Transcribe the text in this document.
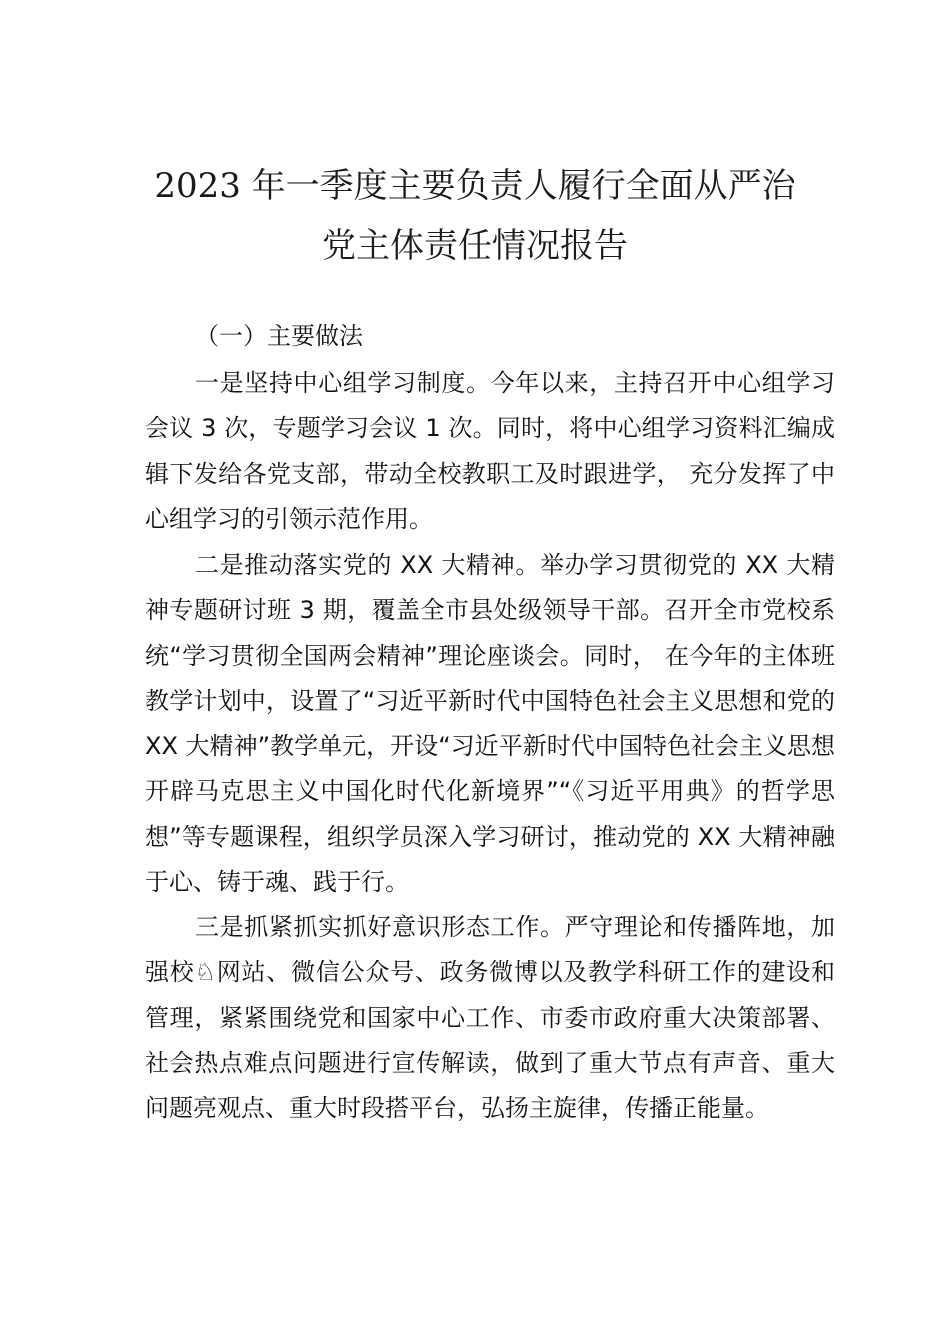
2023 年一季度主要负责人履行全面从严治
党主体责任情况报告
（一）主要做法
一是坚持中心组学习制度。今年以来，主持召开中心组学习会议 3 次，专题学习会议 1 次。同时，将中心组学习资料汇编成辑下发给各党支部，带动全校教职工及时跟进学， 充分发挥了中心组学习的引领示范作用。
二是推动落实党的 XX 大精神。举办学习贯彻党的 XX 大精神专题研讨班 3 期，覆盖全市县处级领导干部。召开全市党校系统“学习贯彻全国两会精神”理论座谈会。同时， 在今年的主体班教学计划中，设置了“习近平新时代中国特色社会主义思想和党的 XX 大精神”教学单元，开设“习近平新时代中国特色社会主义思想开辟马克思主义中国化时代化新境界”“《习近平用典》的哲学思想”等专题课程，组织学员深入学习研讨，推动党的 XX 大精神融于心、铸于魂、践于行。
三是抓紧抓实抓好意识形态工作。严守理论和传播阵地，加强校♘网站、微信公众号、政务微博以及教学科研工作的建设和管理，紧紧围绕党和国家中心工作、市委市政府重大决策部署、社会热点难点问题进行宣传解读，做到了重大节点有声音、重大问题亮观点、重大时段搭平台，弘扬主旋律，传播正能量。
